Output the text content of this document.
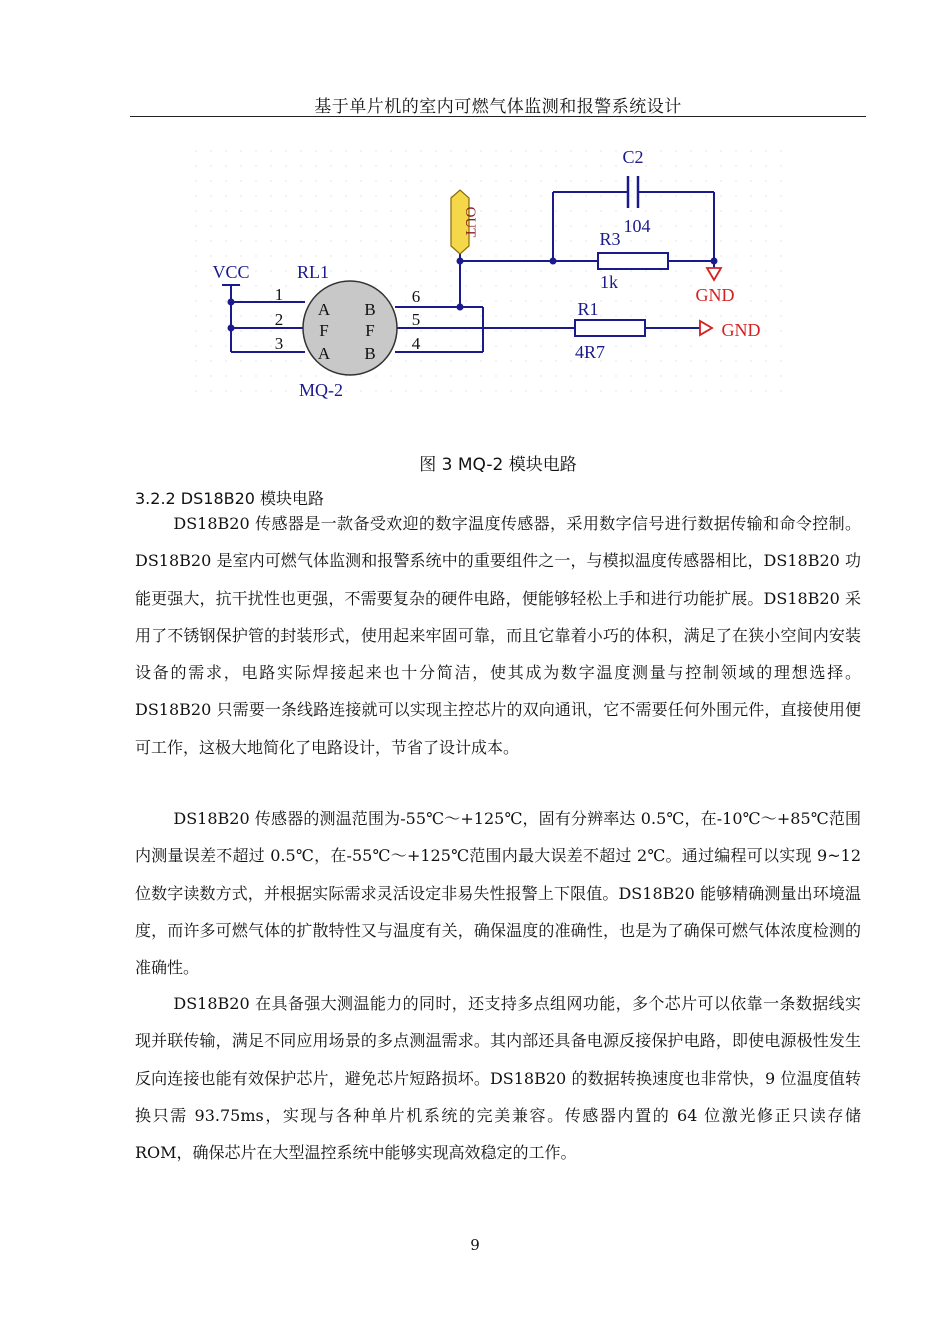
基于单片机的室内可燃气体监测和报警系统设计
OUT
VCC	RL1
MQ-2
C2
104
R3
1k
R1
4R7
GND
GND
1
2
3
6
5
4
A
F
A
B
F
B
图 3 MQ-2 模块电路
3.2.2 DS18B20 模块电路

DS18B20 传感器是一款备受欢迎的数字温度传感器，采用数字信号进行数据传输和命令控制。DS18B20 是室内可燃气体监测和报警系统中的重要组件之一，与模拟温度传感器相比，DS18B20 功能更强大，抗干扰性也更强，不需要复杂的硬件电路，便能够轻松上手和进行功能扩展。DS18B20 采用了不锈钢保护管的封装形式，使用起来牢固可靠，而且它靠着小巧的体积，满足了在狭小空间内安装设备的需求，电路实际焊接起来也十分简洁，使其成为数字温度测量与控制领域的理想选择。DS18B20 只需要一条线路连接就可以实现主控芯片的双向通讯，它不需要任何外围元件，直接使用便可工作，这极大地简化了电路设计，节省了设计成本。

DS18B20 传感器的测温范围为-55℃～+125℃，固有分辨率达 0.5℃，在-10℃～+85℃范围内测量误差不超过 0.5℃，在-55℃～+125℃范围内最大误差不超过 2℃。通过编程可以实现 9~12 位数字读数方式，并根据实际需求灵活设定非易失性报警上下限值。DS18B20 能够精确测量出环境温度，而许多可燃气体的扩散特性又与温度有关，确保温度的准确性，也是为了确保可燃气体浓度检测的准确性。

DS18B20 在具备强大测温能力的同时，还支持多点组网功能，多个芯片可以依靠一条数据线实现并联传输，满足不同应用场景的多点测温需求。其内部还具备电源反接保护电路，即使电源极性发生反向连接也能有效保护芯片，避免芯片短路损坏。DS18B20 的数据转换速度也非常快，9 位温度值转换只需 93.75ms，实现与各种单片机系统的完美兼容。传感器内置的 64 位激光修正只读存储 ROM，确保芯片在大型温控系统中能够实现高效稳定的工作。

9
